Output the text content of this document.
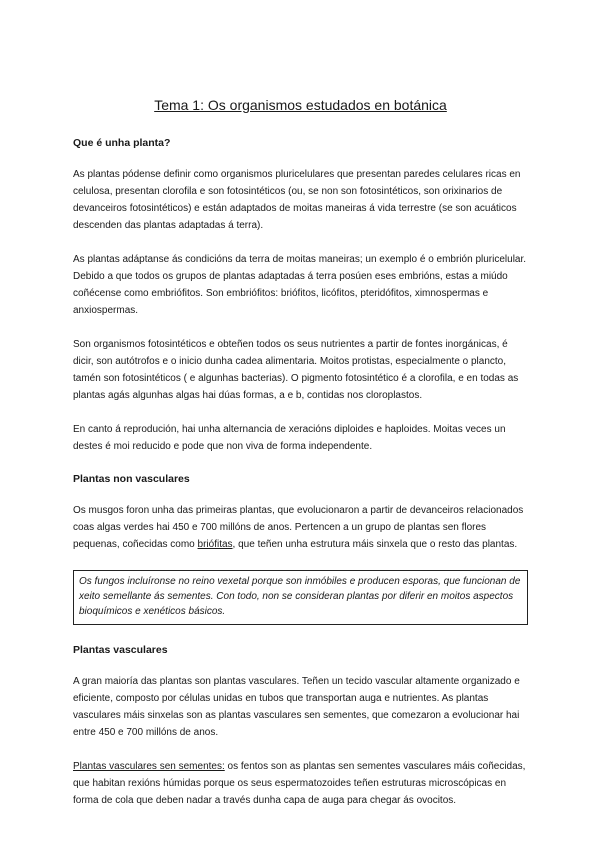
Tema 1: Os organismos estudados en botánica
Que é unha planta?

As plantas pódense definir como organismos pluricelulares que presentan paredes celulares ricas en celulosa, presentan clorofila e son fotosintéticos (ou, se non son fotosintéticos, son orixinarios de devanceiros fotosintéticos) e están adaptados de moitas maneiras á vida terrestre (se son acuáticos descenden das plantas adaptadas á terra).

As plantas adáptanse ás condicións da terra de moitas maneiras; un exemplo é o embrión pluricelular. Debido a que todos os grupos de plantas adaptadas á terra posúen eses embrións, estas a miúdo coñécense como embriófitos. Son embriófitos: briófitos, licófitos, pteridófitos, ximnospermas e anxiospermas.

Son organismos fotosintéticos e obteñen todos os seus nutrientes a partir de fontes inorgánicas, é dicir, son autótrofos e o inicio dunha cadea alimentaria. Moitos protistas, especialmente o plancto, tamén son fotosintéticos ( e algunhas bacterias). O pigmento fotosintético é a clorofila, e en todas as plantas agás algunhas algas hai dúas formas, a e b, contidas nos cloroplastos.

En canto á reprodución, hai unha alternancia de xeracións diploides e haploides. Moitas veces un destes é moi reducido e pode que non viva de forma independente.

Plantas non vasculares

Os musgos foron unha das primeiras plantas, que evolucionaron a partir de devanceiros relacionados coas algas verdes hai 450 e 700 millóns de anos. Pertencen a un grupo de plantas sen flores pequenas, coñecidas como briófitas, que teñen unha estrutura máis sinxela que o resto das plantas.

Os fungos incluíronse no reino vexetal porque son inmóbiles e producen esporas, que funcionan de xeito semellante ás sementes. Con todo, non se consideran plantas por diferir en moitos aspectos bioquímicos e xenéticos básicos.
Plantas vasculares

A gran maioría das plantas son plantas vasculares. Teñen un tecido vascular altamente organizado e eficiente, composto por células unidas en tubos que transportan auga e nutrientes. As plantas vasculares máis sinxelas son as plantas vasculares sen sementes, que comezaron a evolucionar hai entre 450 e 700 millóns de anos.

Plantas vasculares sen sementes: os fentos son as plantas sen sementes vasculares máis coñecidas, que habitan rexións húmidas porque os seus espermatozoides teñen estruturas microscópicas en forma de cola que deben nadar a través dunha capa de auga para chegar ás ovocitos.
